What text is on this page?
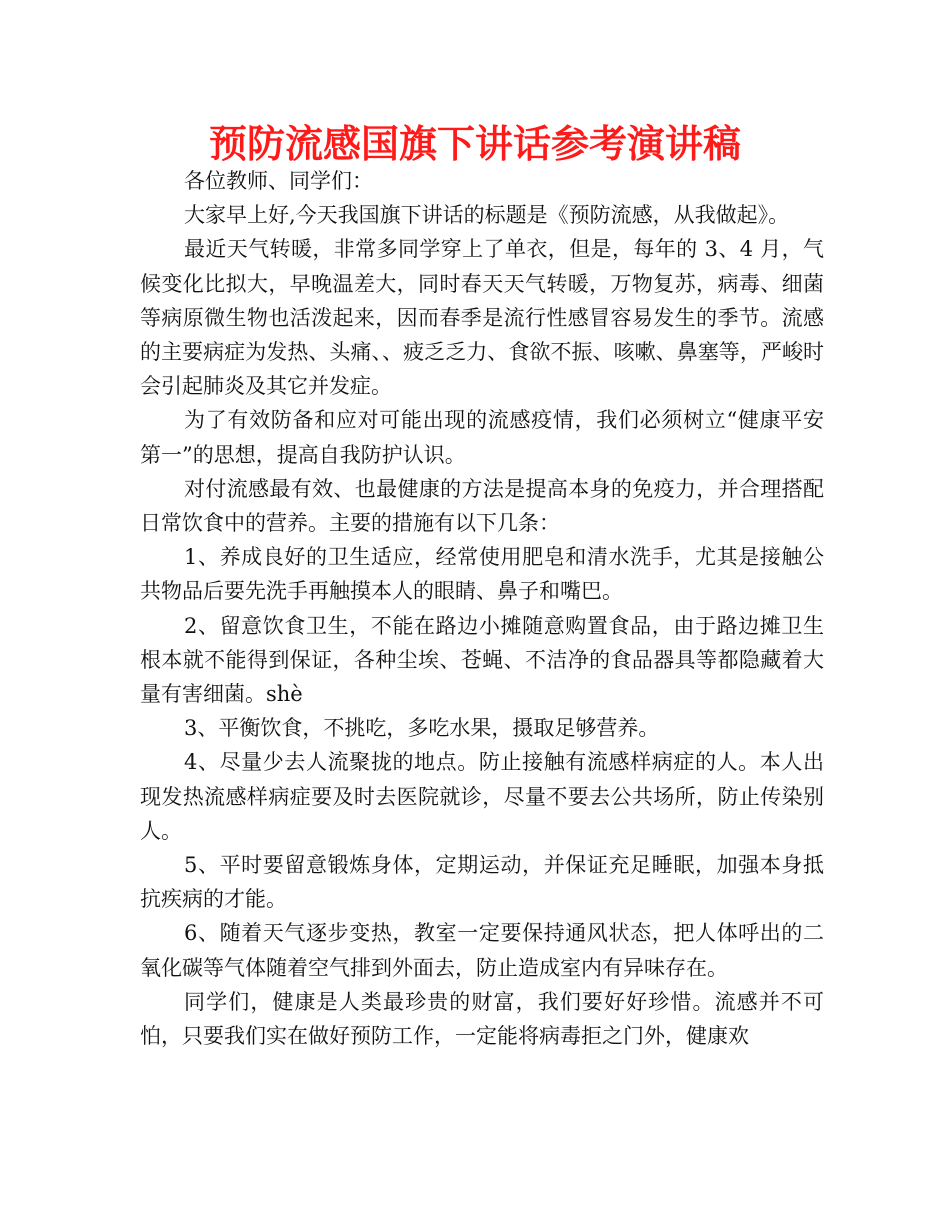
预防流感国旗下讲话参考演讲稿

各位教师、同学们：

大家早上好,今天我国旗下讲话的标题是《预防流感，从我做起》。

最近天气转暖，非常多同学穿上了单衣，但是，每年的 3、4 月，气候变化比拟大，早晚温差大，同时春天天气转暖，万物复苏，病毒、细菌等病原微生物也活泼起来，因而春季是流行性感冒容易发生的季节。流感的主要病症为发热、头痛、、疲乏乏力、食欲不振、咳嗽、鼻塞等，严峻时会引起肺炎及其它并发症。

为了有效防备和应对可能出现的流感疫情，我们必须树立“健康平安第一”的思想，提高自我防护认识。

对付流感最有效、也最健康的方法是提高本身的免疫力，并合理搭配日常饮食中的营养。主要的措施有以下几条：

1、养成良好的卫生适应，经常使用肥皂和清水洗手，尤其是接触公共物品后要先洗手再触摸本人的眼睛、鼻子和嘴巴。

2、留意饮食卫生，不能在路边小摊随意购置食品，由于路边摊卫生根本就不能得到保证，各种尘埃、苍蝇、不洁净的食品器具等都隐藏着大量有害细菌。shè

3、平衡饮食，不挑吃，多吃水果，摄取足够营养。

4、尽量少去人流聚拢的地点。防止接触有流感样病症的人。本人出现发热流感样病症要及时去医院就诊，尽量不要去公共场所，防止传染别人。

5、平时要留意锻炼身体，定期运动，并保证充足睡眠，加强本身抵抗疾病的才能。

6、随着天气逐步变热，教室一定要保持通风状态，把人体呼出的二氧化碳等气体随着空气排到外面去，防止造成室内有异味存在。

同学们，健康是人类最珍贵的财富，我们要好好珍惜。流感并不可怕，只要我们实在做好预防工作，一定能将病毒拒之门外，健康欢
